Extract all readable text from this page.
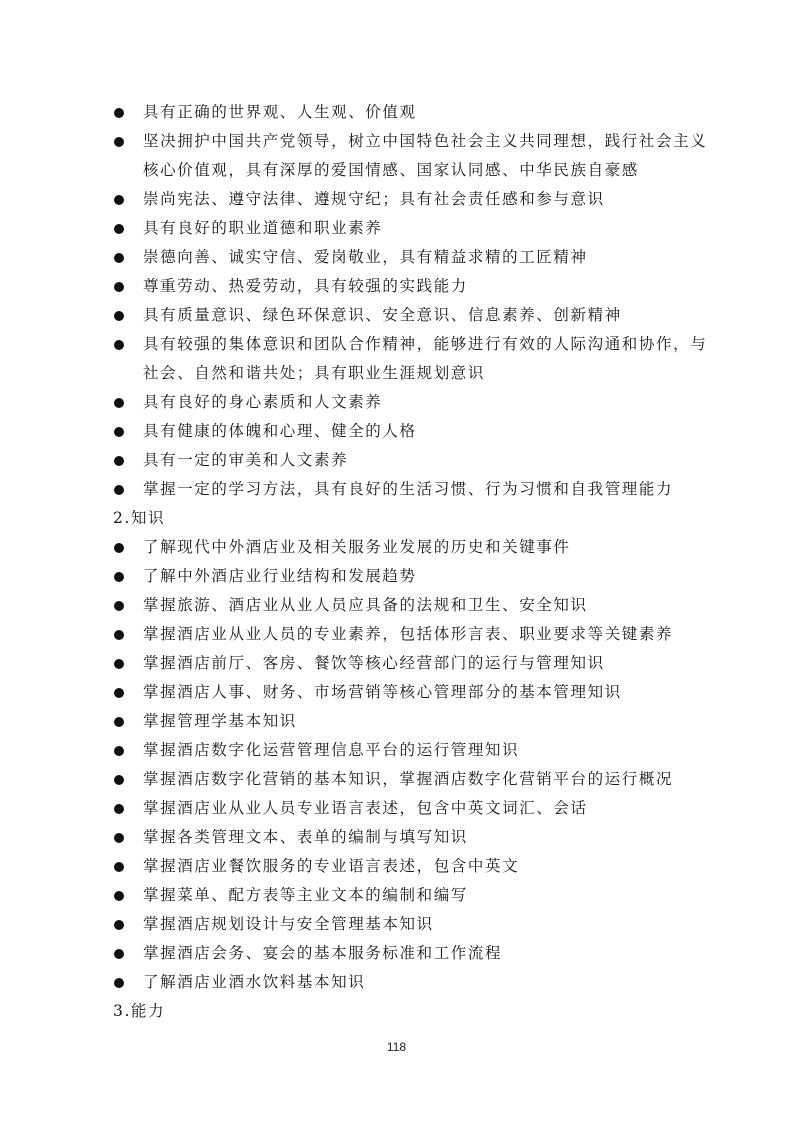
具有正确的世界观、人生观、价值观
坚决拥护中国共产党领导，树立中国特色社会主义共同理想，践行社会主义核心价值观，具有深厚的爱国情感、国家认同感、中华民族自豪感
崇尚宪法、遵守法律、遵规守纪；具有社会责任感和参与意识
具有良好的职业道德和职业素养
崇德向善、诚实守信、爱岗敬业，具有精益求精的工匠精神
尊重劳动、热爱劳动，具有较强的实践能力
具有质量意识、绿色环保意识、安全意识、信息素养、创新精神
具有较强的集体意识和团队合作精神，能够进行有效的人际沟通和协作，与社会、自然和谐共处；具有职业生涯规划意识
具有良好的身心素质和人文素养
具有健康的体魄和心理、健全的人格
具有一定的审美和人文素养
掌握一定的学习方法，具有良好的生活习惯、行为习惯和自我管理能力
2.知识
了解现代中外酒店业及相关服务业发展的历史和关键事件
了解中外酒店业行业结构和发展趋势
掌握旅游、酒店业从业人员应具备的法规和卫生、安全知识
掌握酒店业从业人员的专业素养，包括体形言表、职业要求等关键素养
掌握酒店前厅、客房、餐饮等核心经营部门的运行与管理知识
掌握酒店人事、财务、市场营销等核心管理部分的基本管理知识
掌握管理学基本知识
掌握酒店数字化运营管理信息平台的运行管理知识
掌握酒店数字化营销的基本知识，掌握酒店数字化营销平台的运行概况
掌握酒店业从业人员专业语言表述，包含中英文词汇、会话
掌握各类管理文本、表单的编制与填写知识
掌握酒店业餐饮服务的专业语言表述，包含中英文
掌握菜单、配方表等主业文本的编制和编写
掌握酒店规划设计与安全管理基本知识
掌握酒店会务、宴会的基本服务标准和工作流程
了解酒店业酒水饮料基本知识
3.能力
118
